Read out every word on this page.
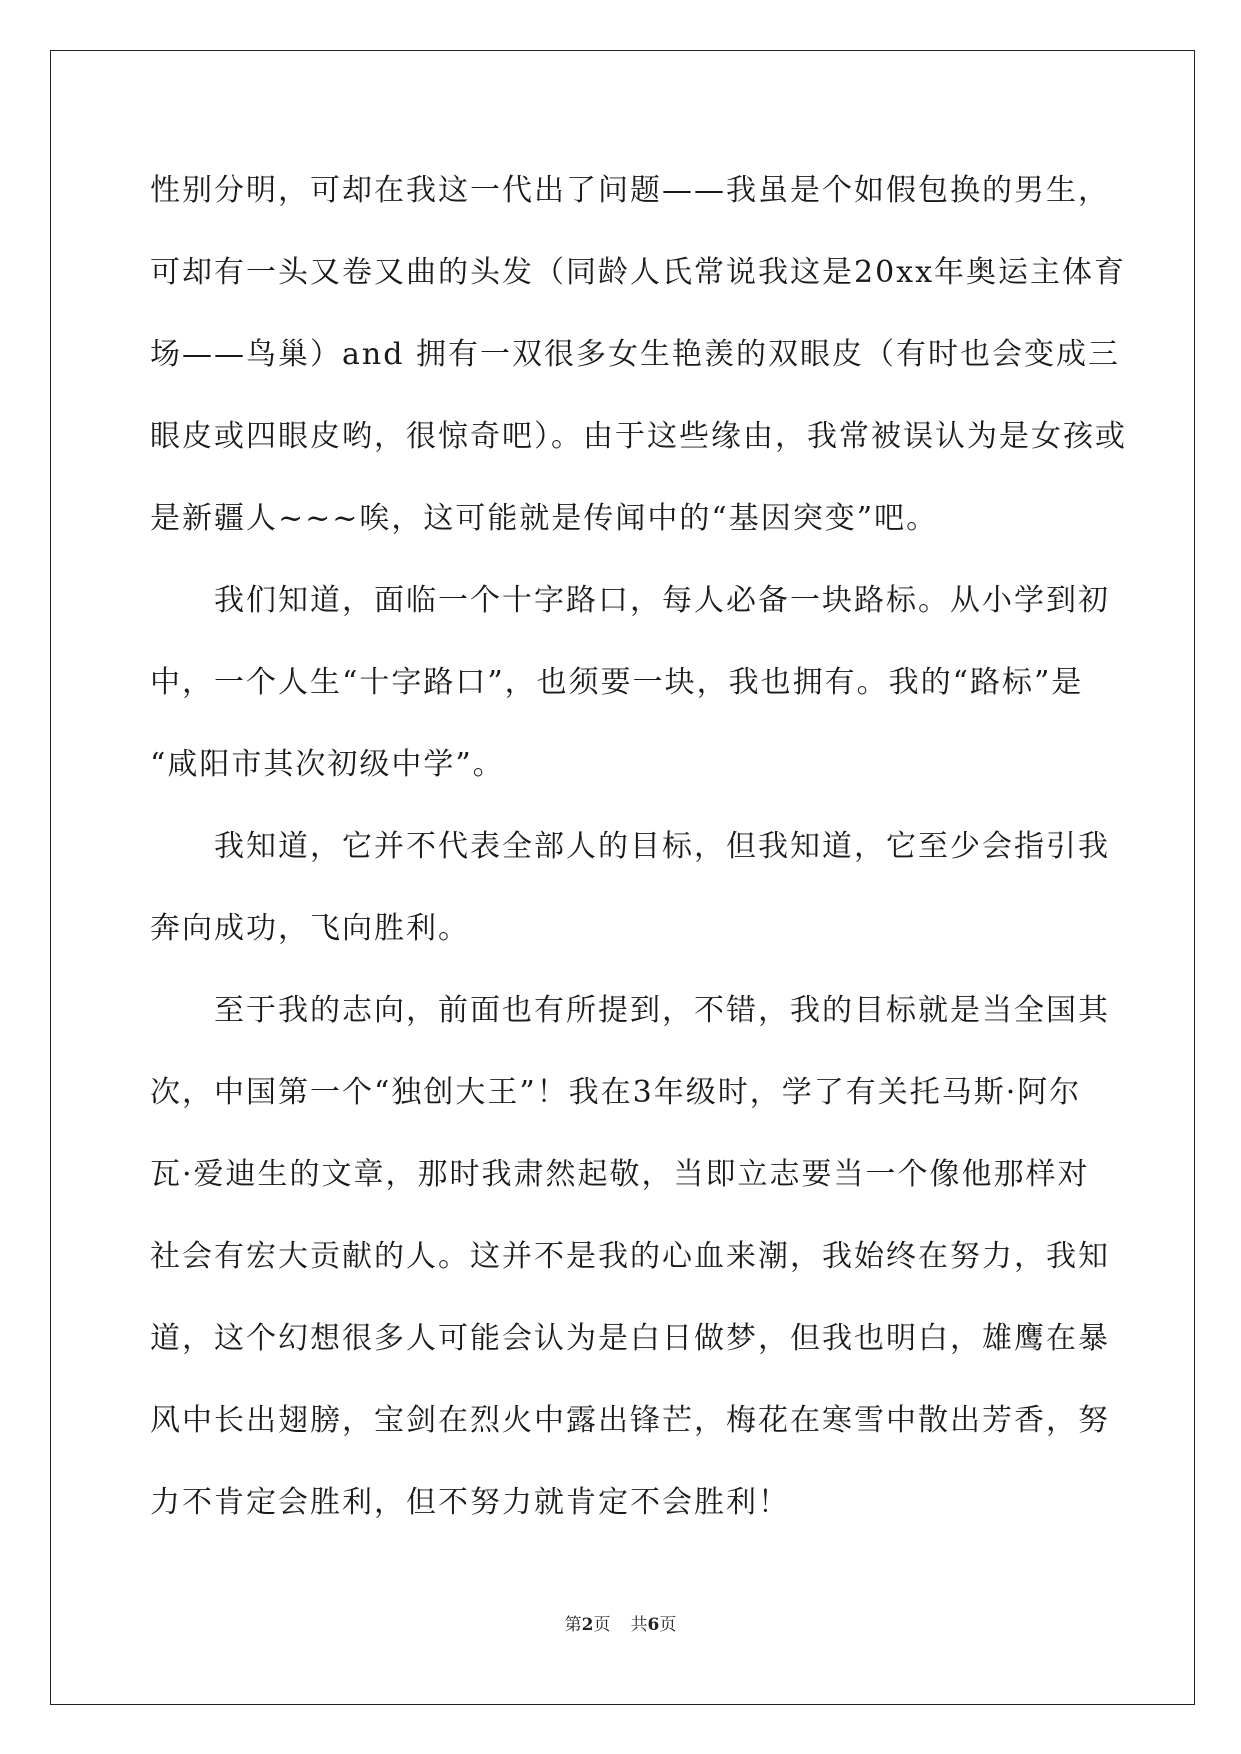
性别分明，可却在我这一代出了问题——我虽是个如假包换的男生，
可却有一头又卷又曲的头发（同龄人氏常说我这是20xx年奥运主体育
场——鸟巢）and 拥有一双很多女生艳羡的双眼皮（有时也会变成三
眼皮或四眼皮哟，很惊奇吧）。由于这些缘由，我常被误认为是女孩或
是新疆人~~~唉，这可能就是传闻中的“基因突变”吧。
　　我们知道，面临一个十字路口，每人必备一块路标。从小学到初
中，一个人生“十字路口”，也须要一块，我也拥有。我的“路标”是
“咸阳市其次初级中学”。
　　我知道，它并不代表全部人的目标，但我知道，它至少会指引我
奔向成功，飞向胜利。
　　至于我的志向，前面也有所提到，不错，我的目标就是当全国其
次，中国第一个“独创大王”！我在3年级时，学了有关托马斯·阿尔
瓦·爱迪生的文章，那时我肃然起敬，当即立志要当一个像他那样对
社会有宏大贡献的人。这并不是我的心血来潮，我始终在努力，我知
道，这个幻想很多人可能会认为是白日做梦，但我也明白，雄鹰在暴
风中长出翅膀，宝剑在烈火中露出锋芒，梅花在寒雪中散出芳香，努
力不肯定会胜利，但不努力就肯定不会胜利！
第2页 共6页
